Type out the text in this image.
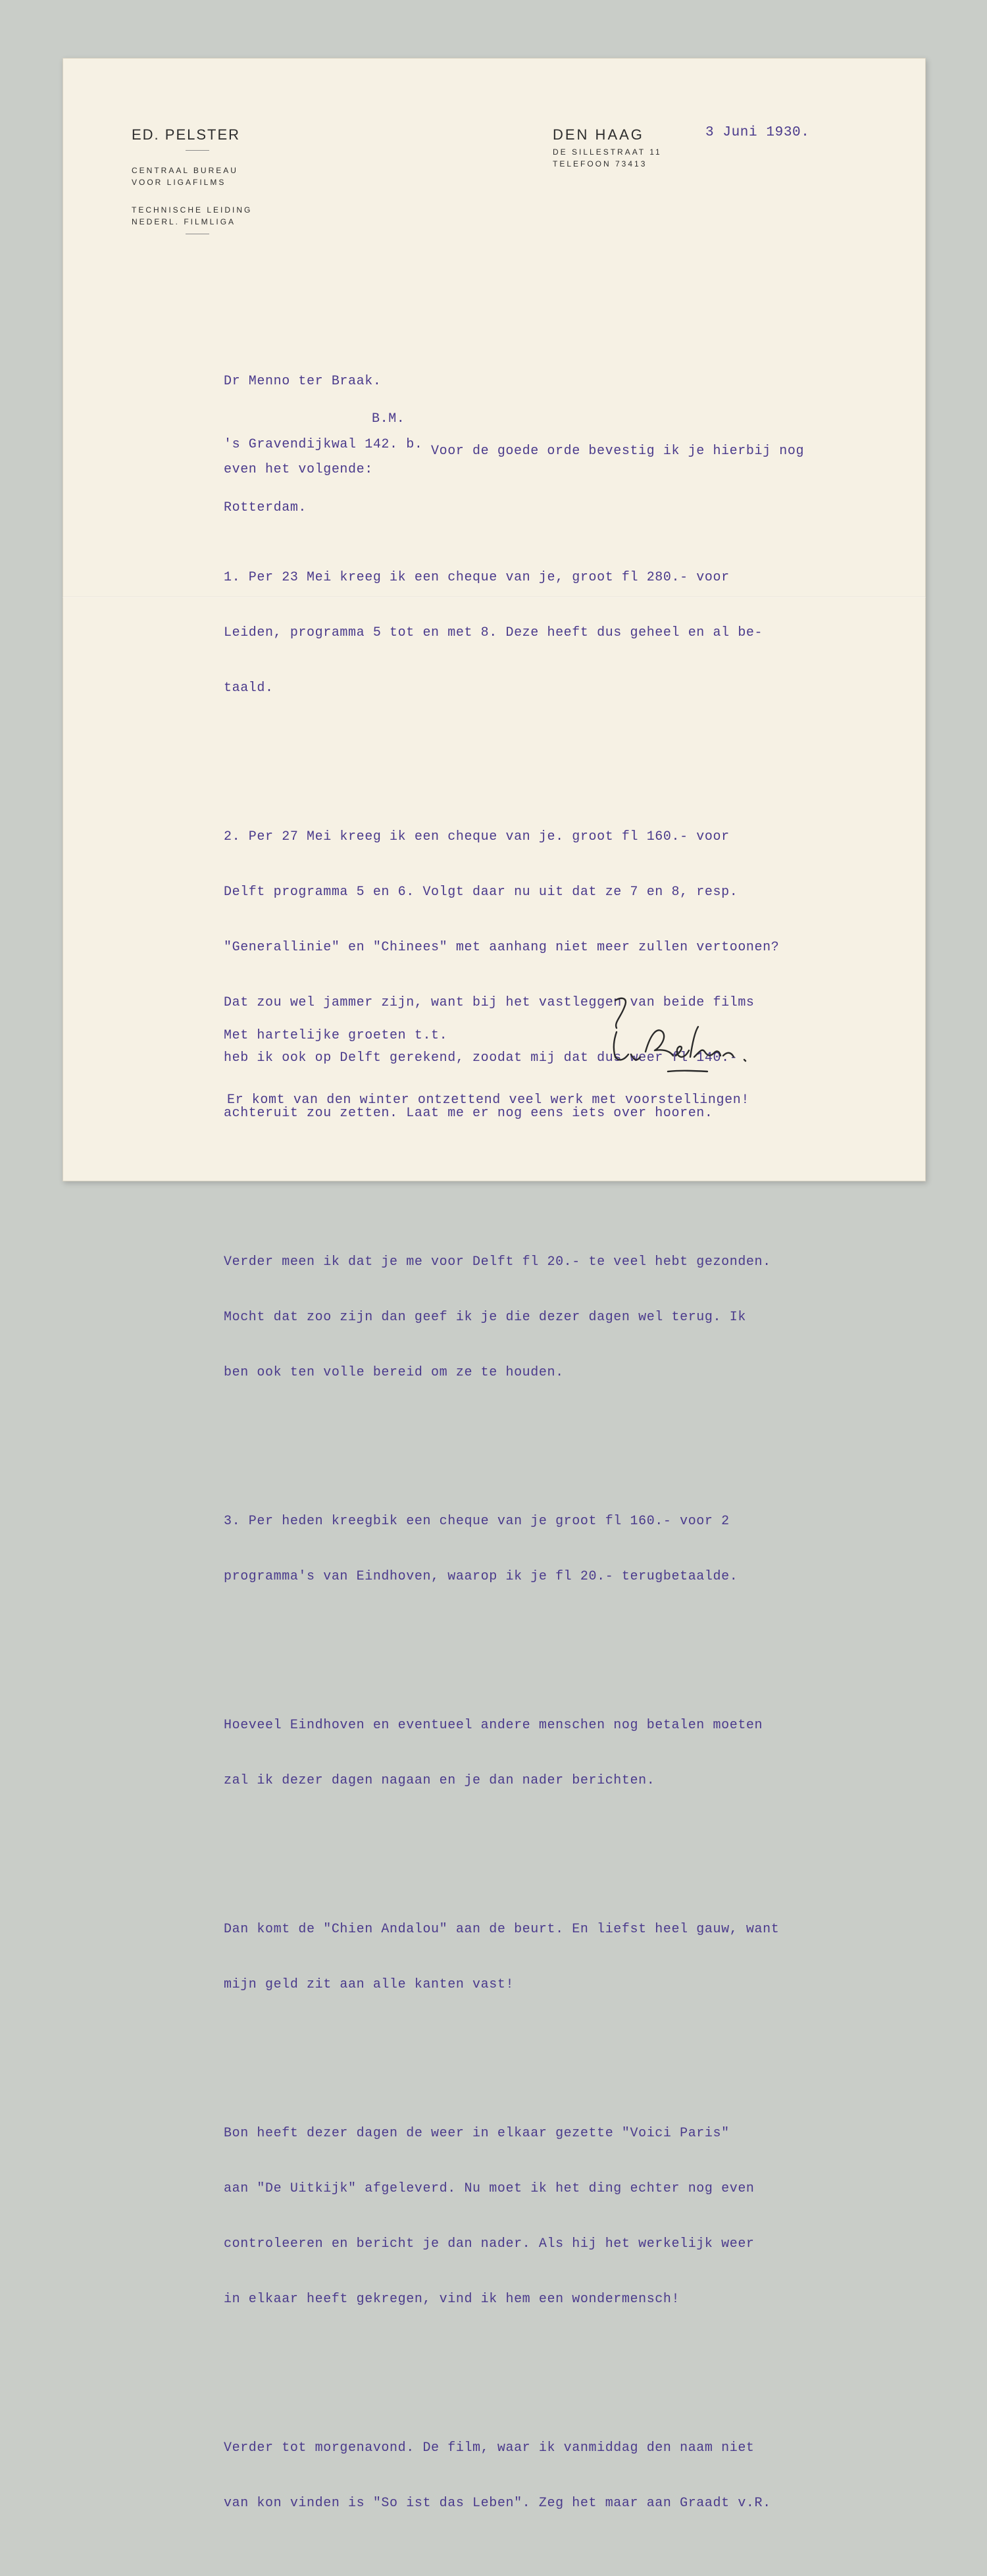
ED. PELSTER
CENTRAAL BUREAU
VOOR LIGAFILMS
TECHNISCHE LEIDING
NEDERL. FILMLIGA
DEN HAAG	3 Juni 1930.
DE SILLESTRAAT 11
TELEFOON 73413

Dr Menno ter Braak.

's Gravendijkwal 142. b.

Rotterdam.

B.M.
Voor de goede orde bevestig ik je hierbij nog
even het volgende:

1. Per 23 Mei kreeg ik een cheque van je, groot fl 280.- voor

Leiden, programma 5 tot en met 8. Deze heeft dus geheel en al be-

taald.

2. Per 27 Mei kreeg ik een cheque van je. groot fl 160.- voor

Delft programma 5 en 6. Volgt daar nu uit dat ze 7 en 8, resp.

"Generallinie" en "Chinees" met aanhang niet meer zullen vertoonen?

Dat zou wel jammer zijn, want bij het vastleggen van beide films

heb ik ook op Delft gerekend, zoodat mij dat dus weer fl 140.-

achteruit zou zetten. Laat me er nog eens iets over hooren.

Verder meen ik dat je me voor Delft fl 20.- te veel hebt gezonden.

Mocht dat zoo zijn dan geef ik je die dezer dagen wel terug. Ik

ben ook ten volle bereid om ze te houden.

3. Per heden kreegbik een cheque van je groot fl 160.- voor 2

programma's van Eindhoven, waarop ik je fl 20.- terugbetaalde.

Hoeveel Eindhoven en eventueel andere menschen nog betalen moeten

zal ik dezer dagen nagaan en je dan nader berichten.

Dan komt de "Chien Andalou" aan de beurt. En liefst heel gauw, want

mijn geld zit aan alle kanten vast!

Bon heeft dezer dagen de weer in elkaar gezette "Voici Paris"

aan "De Uitkijk" afgeleverd. Nu moet ik het ding echter nog even

controleeren en bericht je dan nader. Als hij het werkelijk weer

in elkaar heeft gekregen, vind ik hem een wondermensch!

Verder tot morgenavond. De film, waar ik vanmiddag den naam niet

van kon vinden is "So ist das Leben". Zeg het maar aan Graadt v.R.

Met hartelijke groeten t.t.
Er komt van den winter ontzettend veel werk met voorstellingen!
